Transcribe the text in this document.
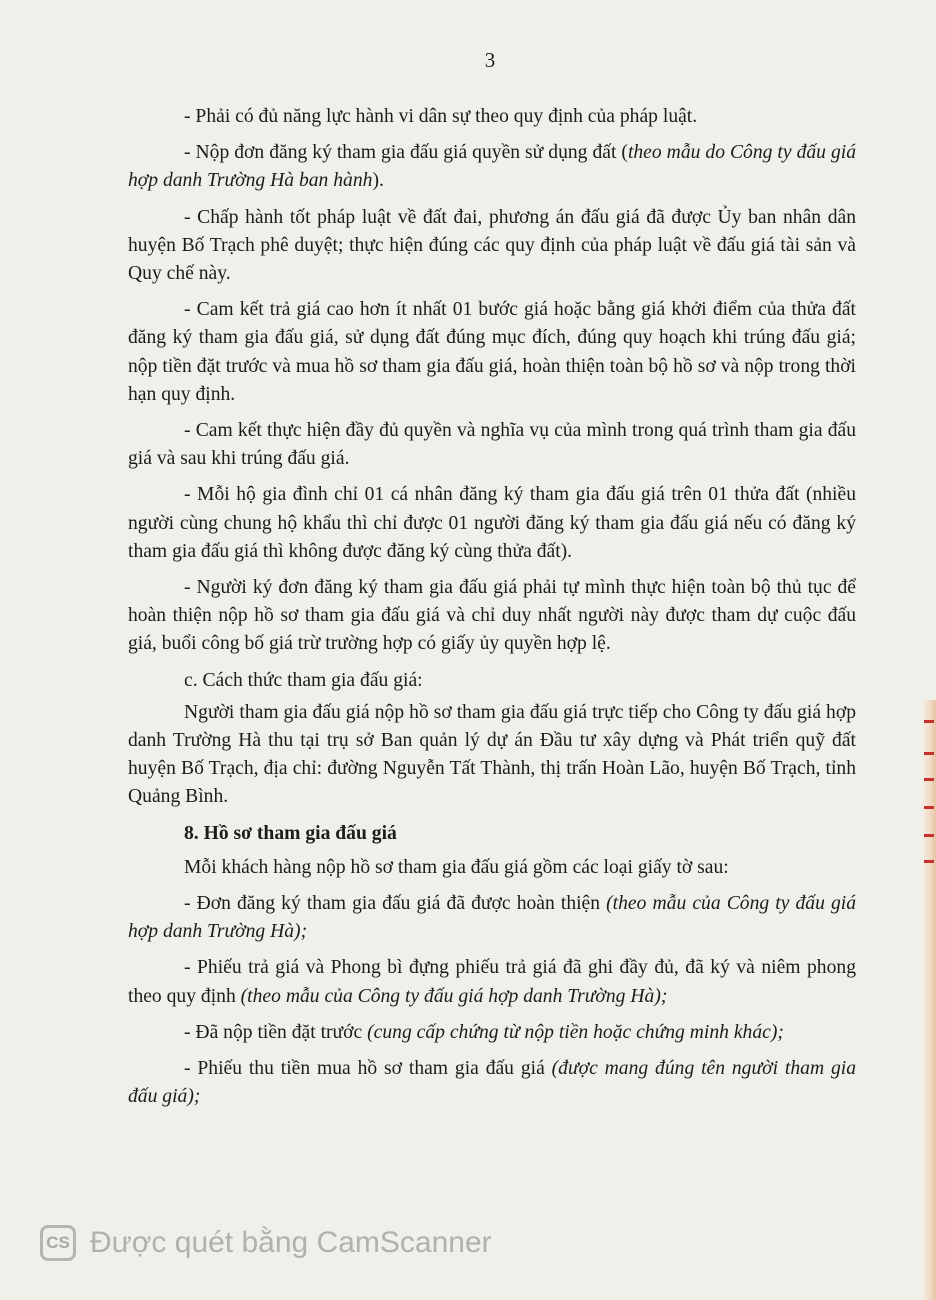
3

- Phải có đủ năng lực hành vi dân sự theo quy định của pháp luật.

- Nộp đơn đăng ký tham gia đấu giá quyền sử dụng đất (theo mẫu do Công ty đấu giá hợp danh Trường Hà ban hành).

- Chấp hành tốt pháp luật về đất đai, phương án đấu giá đã được Ủy ban nhân dân huyện Bố Trạch phê duyệt; thực hiện đúng các quy định của pháp luật về đấu giá tài sản và Quy chế này.

- Cam kết trả giá cao hơn ít nhất 01 bước giá hoặc bằng giá khởi điểm của thửa đất đăng ký tham gia đấu giá, sử dụng đất đúng mục đích, đúng quy hoạch khi trúng đấu giá; nộp tiền đặt trước và mua hồ sơ tham gia đấu giá, hoàn thiện toàn bộ hồ sơ và nộp trong thời hạn quy định.

- Cam kết thực hiện đầy đủ quyền và nghĩa vụ của mình trong quá trình tham gia đấu giá và sau khi trúng đấu giá.

- Mỗi hộ gia đình chỉ 01 cá nhân đăng ký tham gia đấu giá trên 01 thửa đất (nhiều người cùng chung hộ khẩu thì chỉ được 01 người đăng ký tham gia đấu giá nếu có đăng ký tham gia đấu giá thì không được đăng ký cùng thửa đất).

- Người ký đơn đăng ký tham gia đấu giá phải tự mình thực hiện toàn bộ thủ tục để hoàn thiện nộp hồ sơ tham gia đấu giá và chỉ duy nhất người này được tham dự cuộc đấu giá, buổi công bố giá trừ trường hợp có giấy ủy quyền hợp lệ.

c. Cách thức tham gia đấu giá:

Người tham gia đấu giá nộp hồ sơ tham gia đấu giá trực tiếp cho Công ty đấu giá hợp danh Trường Hà thu tại trụ sở Ban quản lý dự án Đầu tư xây dựng và Phát triển quỹ đất huyện Bố Trạch, địa chỉ: đường Nguyễn Tất Thành, thị trấn Hoàn Lão, huyện Bố Trạch, tỉnh Quảng Bình.

8. Hồ sơ tham gia đấu giá

Mỗi khách hàng nộp hồ sơ tham gia đấu giá gồm các loại giấy tờ sau:

- Đơn đăng ký tham gia đấu giá đã được hoàn thiện (theo mẫu của Công ty đấu giá hợp danh Trường Hà);

- Phiếu trả giá và Phong bì đựng phiếu trả giá đã ghi đầy đủ, đã ký và niêm phong theo quy định (theo mẫu của Công ty đấu giá hợp danh Trường Hà);

- Đã nộp tiền đặt trước (cung cấp chứng từ nộp tiền hoặc chứng minh khác);

- Phiếu thu tiền mua hồ sơ tham gia đấu giá (được mang đúng tên người tham gia đấu giá);

CS Được quét bằng CamScanner
